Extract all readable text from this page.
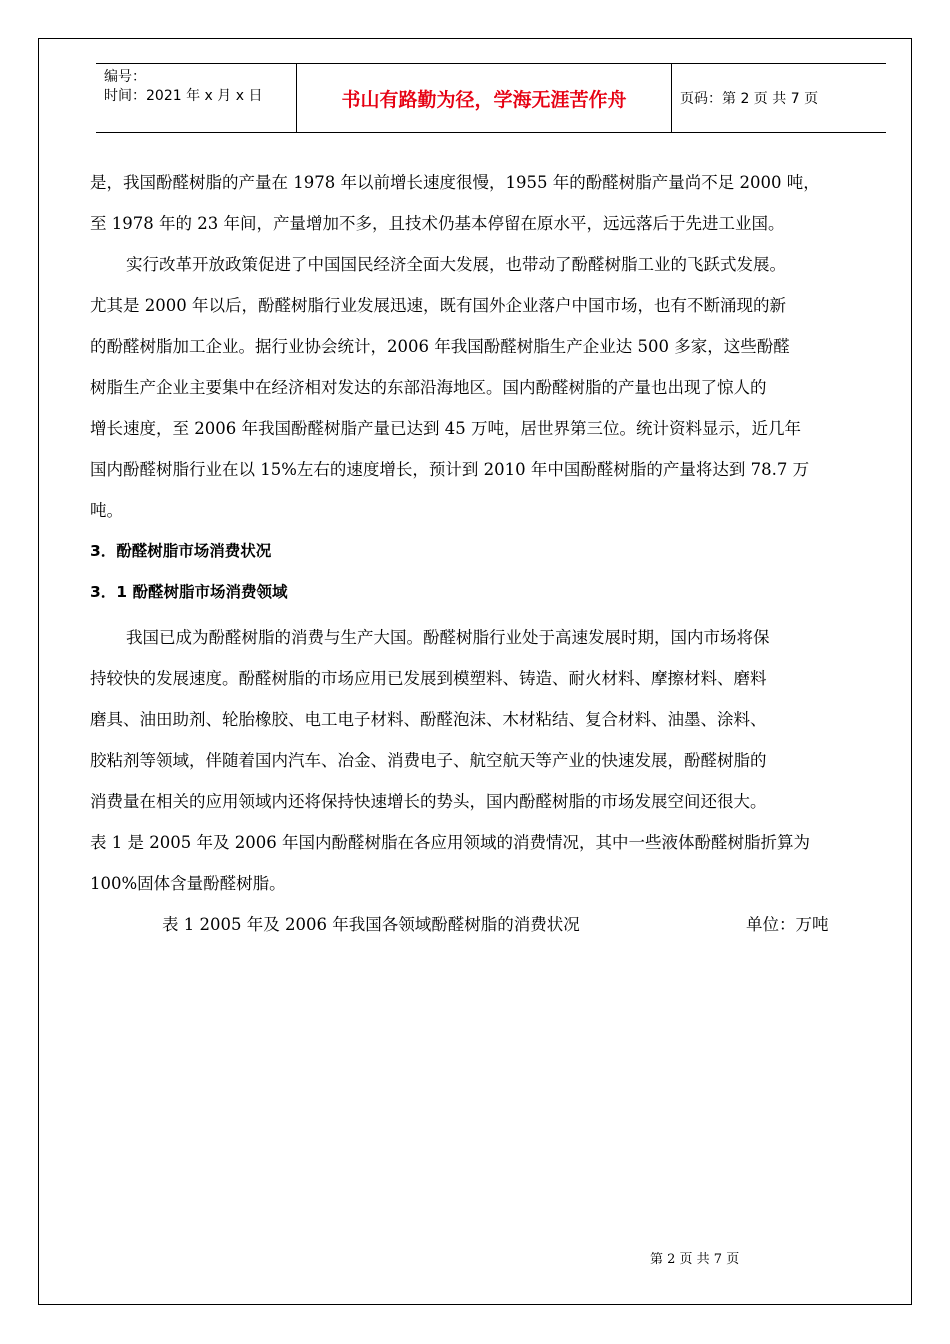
编号：
时间：2021 年 x 月 x 日	书山有路勤为径，学海无涯苦作舟	页码：第 2 页 共 7 页
是，我国酚醛树脂的产量在 1978 年以前增长速度很慢，1955 年的酚醛树脂产量尚不足 2000 吨，
至 1978 年的 23 年间，产量增加不多，且技术仍基本停留在原水平，远远落后于先进工业国。
实行改革开放政策促进了中国国民经济全面大发展，也带动了酚醛树脂工业的飞跃式发展。
尤其是 2000 年以后，酚醛树脂行业发展迅速，既有国外企业落户中国市场，也有不断涌现的新
的酚醛树脂加工企业。据行业协会统计，2006 年我国酚醛树脂生产企业达 500 多家，这些酚醛
树脂生产企业主要集中在经济相对发达的东部沿海地区。国内酚醛树脂的产量也出现了惊人的
增长速度，至 2006 年我国酚醛树脂产量已达到 45 万吨，居世界第三位。统计资料显示，近几年
国内酚醛树脂行业在以 15%左右的速度增长，预计到 2010 年中国酚醛树脂的产量将达到 78.7 万
吨。
3．酚醛树脂市场消费状况
3．1 酚醛树脂市场消费领域
我国已成为酚醛树脂的消费与生产大国。酚醛树脂行业处于高速发展时期，国内市场将保
持较快的发展速度。酚醛树脂的市场应用已发展到模塑料、铸造、耐火材料、摩擦材料、磨料
磨具、油田助剂、轮胎橡胶、电工电子材料、酚醛泡沫、木材粘结、复合材料、油墨、涂料、
胶粘剂等领域，伴随着国内汽车、冶金、消费电子、航空航天等产业的快速发展，酚醛树脂的
消费量在相关的应用领域内还将保持快速增长的势头，国内酚醛树脂的市场发展空间还很大。
表 1 是 2005 年及 2006 年国内酚醛树脂在各应用领域的消费情况，其中一些液体酚醛树脂折算为
100%固体含量酚醛树脂。
表 1 2005 年及 2006 年我国各领域酚醛树脂的消费状况	单位：万吨
第 2 页 共 7 页
